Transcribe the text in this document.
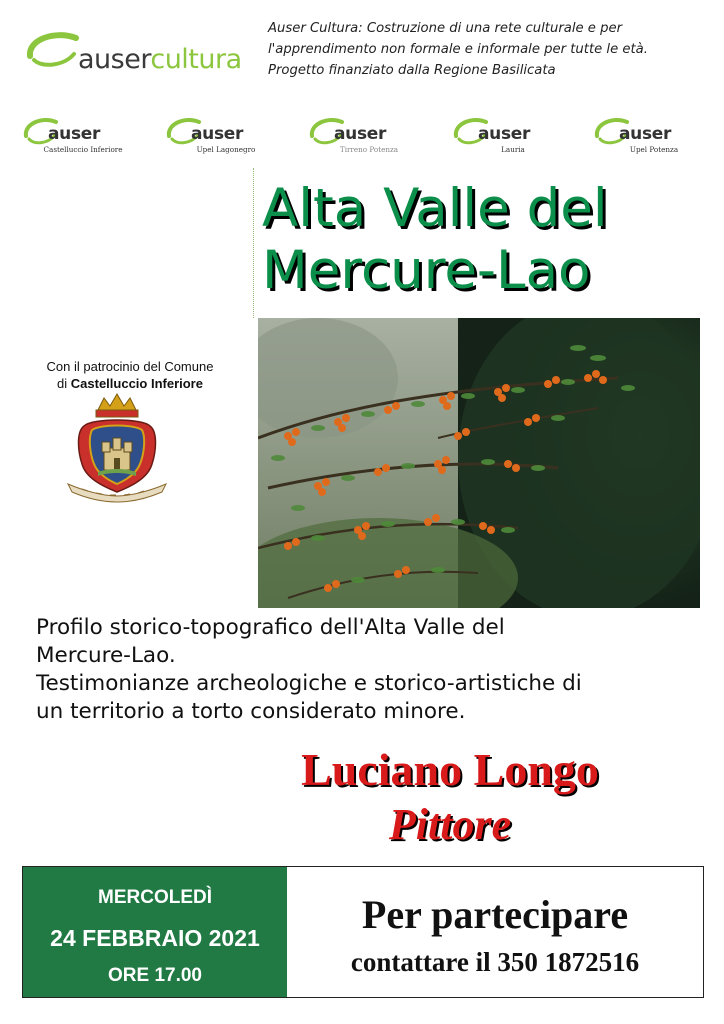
ausercultura
Auser Cultura: Costruzione di una rete culturale e per
l'apprendimento non formale e informale per tutte le età.
Progetto finanziato dalla Regione Basilicata
auser
Castelluccio Inferiore
auser
Upel Lagonegro
auser
Tirreno Potenza
auser
Lauria
auser
Upel Potenza
Alta Valle del
Mercure-Lao
Con il patrocinio del Comune
di Castelluccio Inferiore
Profilo storico-topografico dell'Alta Valle del
Mercure-Lao.
Testimonianze archeologiche e storico-artistiche di
un territorio a torto considerato minore.
Luciano Longo
Pittore
MERCOLEDÌ
24 FEBBRAIO 2021
ORE 17.00
Per partecipare
contattare il 350 1872516
